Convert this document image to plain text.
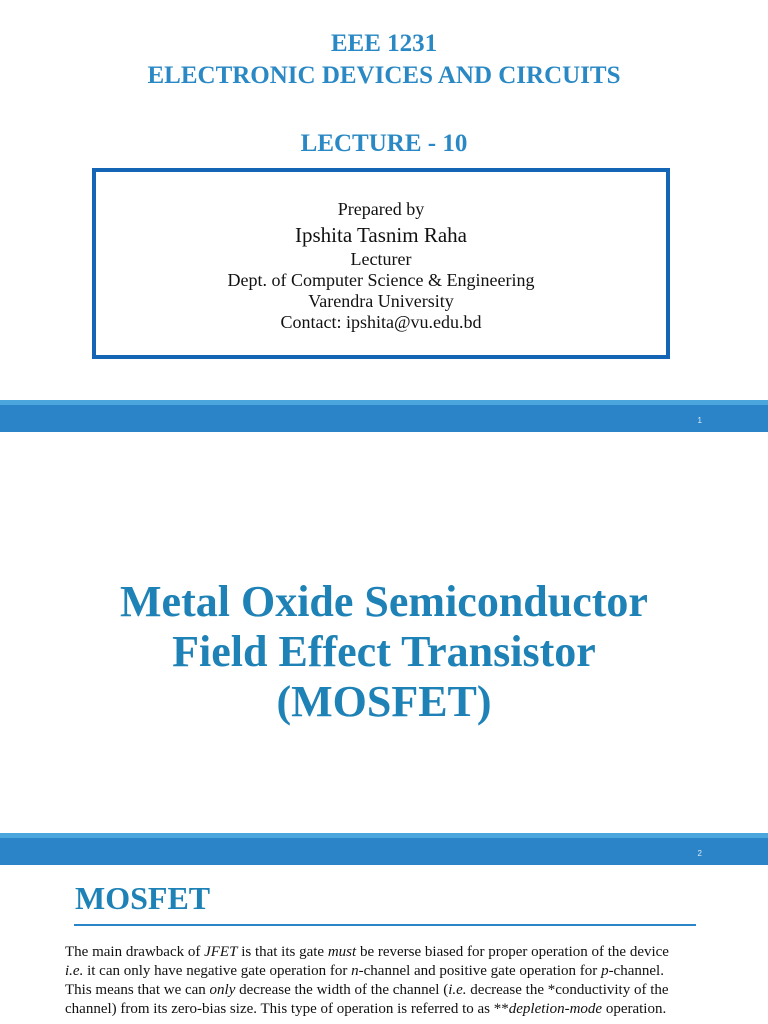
EEE 1231
ELECTRONIC DEVICES AND CIRCUITS
LECTURE - 10
Prepared by
Ipshita Tasnim Raha
Lecturer
Dept. of Computer Science & Engineering
Varendra University
Contact: ipshita@vu.edu.bd
1
Metal Oxide Semiconductor
Field Effect Transistor
(MOSFET)
2
MOSFET
The main drawback of JFET is that its gate must be reverse biased for proper operation of the device
i.e. it can only have negative gate operation for n-channel and positive gate operation for p-channel.
This means that we can only decrease the width of the channel (i.e. decrease the *conductivity of the
channel) from its zero-bias size. This type of operation is referred to as **depletion-mode operation.
